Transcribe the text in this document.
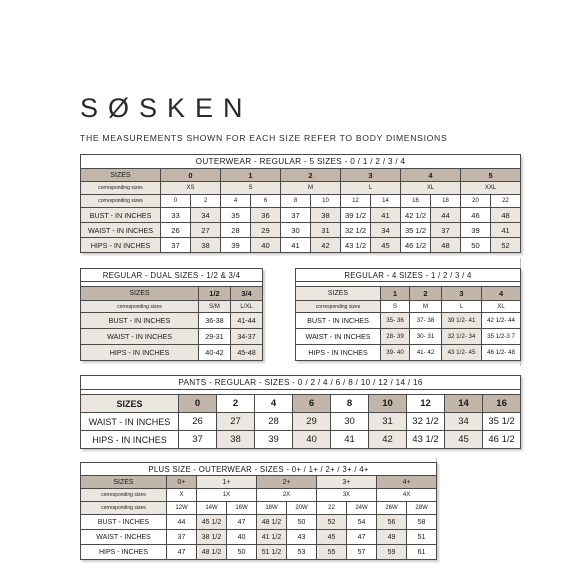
SØSKEN
THE MEASUREMENTS SHOWN FOR EACH SIZE REFER TO BODY DIMENSIONS
OUTERWEAR - REGULAR - 5 SIZES - 0 / 1 / 2 / 3 / 4												
SIZES	0		1		2		3		4		5	
corresponding sizes	XS		S		M		L		XL		XXL	
corresponding sizes	0	2	4	6	8	10	12	14	16	18	20	22
BUST - IN INCHES	33	34	35	36	37	38	39 1/2	41	42 1/2	44	46	48
WAIST - IN INCHES	26	27	28	29	30	31	32 1/2	34	35 1/2	37	39	41
HIPS - IN INCHES	37	38	39	40	41	42	43 1/2	45	46 1/2	48	50	52
REGULAR - DUAL SIZES - 1/2 & 3/4		

SIZES	1/2	3/4
corresponding sizes	S/M	L/XL
BUST - IN INCHES	36-38	41-44
WAIST - IN INCHES	29-31	34-37
HIPS - IN INCHES	40-42	45-48
REGULAR - 4 SIZES - 1 / 2 / 3 / 4				

SIZES	1	2	3	4
corresponding sizes	S	M	L	XL
BUST - IN INCHES	35- 36	37- 38	39 1/2- 41	42 1/2- 44
WAIST - IN INCHES	28- 39	30- 31	32 1/2- 34	35 1/2-3 7
HIPS - IN INCHES	39- 40	41- 42	43 1/2- 45	46 1/2- 48
PANTS - REGULAR - SIZES - 0 / 2 / 4 / 6 / 8 / 10 / 12 / 14 / 16									

SIZES	0	2	4	6	8	10	12	14	16
WAIST - IN INCHES	26	27	28	29	30	31	32 1/2	34	35 1/2
HIPS - IN INCHES	37	38	39	40	41	42	43 1/2	45	46 1/2
PLUS SIZE - OUTERWEAR - SIZES - 0+ / 1+ / 2+ / 3+ / 4+									
SIZES	0+	1+		2+		3+		4+	
corresponding sizes	X	1X		2X		3X		4X	
corresponding sizes	12W	14W	16W	18W	20W	22	24W	26W	28W
BUST - INCHES	44	45 1/2	47	48 1/2	50	52	54	56	58
WAIST - INCHES	37	38 1/2	40	41 1/2	43	45	47	49	51
HIPS - INCHES	47	48 1/2	50	51 1/2	53	55	57	59	61
